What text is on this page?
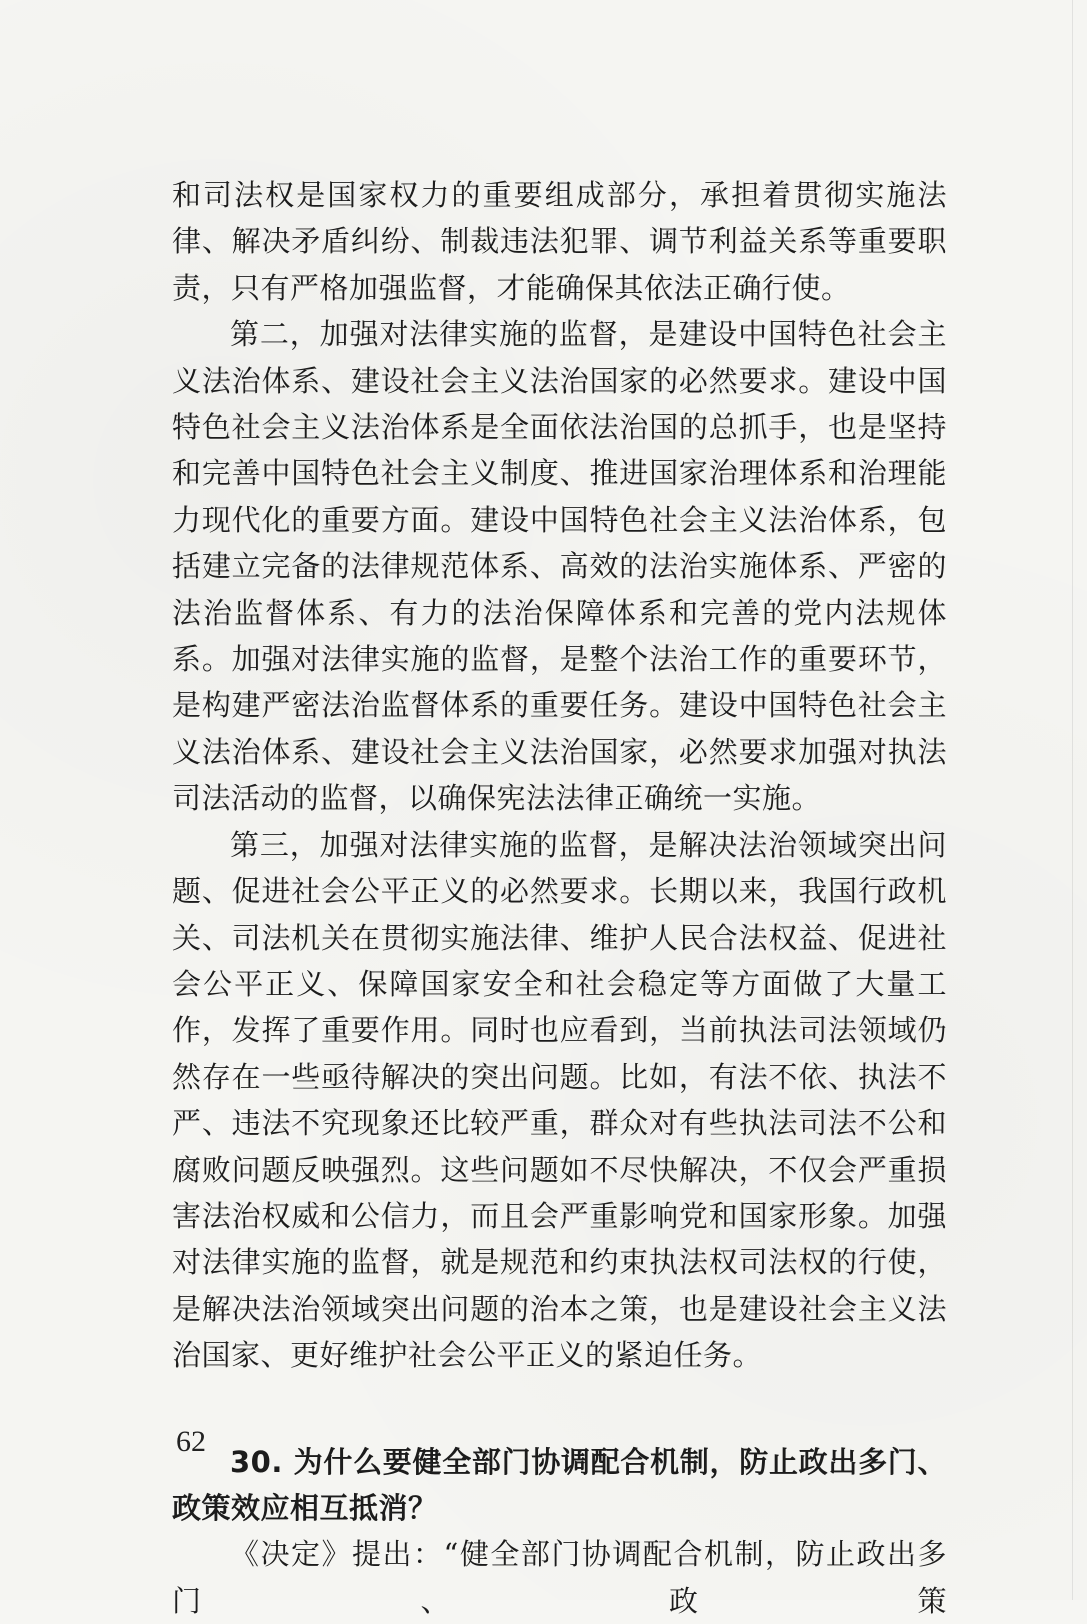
和司法权是国家权力的重要组成部分，承担着贯彻实施法律、解决矛盾纠纷、制裁违法犯罪、调节利益关系等重要职责，只有严格加强监督，才能确保其依法正确行使。

第二，加强对法律实施的监督，是建设中国特色社会主义法治体系、建设社会主义法治国家的必然要求。建设中国特色社会主义法治体系是全面依法治国的总抓手，也是坚持和完善中国特色社会主义制度、推进国家治理体系和治理能力现代化的重要方面。建设中国特色社会主义法治体系，包括建立完备的法律规范体系、高效的法治实施体系、严密的法治监督体系、有力的法治保障体系和完善的党内法规体系。加强对法律实施的监督，是整个法治工作的重要环节，是构建严密法治监督体系的重要任务。建设中国特色社会主义法治体系、建设社会主义法治国家，必然要求加强对执法司法活动的监督，以确保宪法法律正确统一实施。

第三，加强对法律实施的监督，是解决法治领域突出问题、促进社会公平正义的必然要求。长期以来，我国行政机关、司法机关在贯彻实施法律、维护人民合法权益、促进社会公平正义、保障国家安全和社会稳定等方面做了大量工作，发挥了重要作用。同时也应看到，当前执法司法领域仍然存在一些亟待解决的突出问题。比如，有法不依、执法不严、违法不究现象还比较严重，群众对有些执法司法不公和腐败问题反映强烈。这些问题如不尽快解决，不仅会严重损害法治权威和公信力，而且会严重影响党和国家形象。加强对法律实施的监督，就是规范和约束执法权司法权的行使，是解决法治领域突出问题的治本之策，也是建设社会主义法治国家、更好维护社会公平正义的紧迫任务。

30. 为什么要健全部门协调配合机制，防止政出多门、政策效应相互抵消？

《决定》提出：“健全部门协调配合机制，防止政出多门、政策

62
